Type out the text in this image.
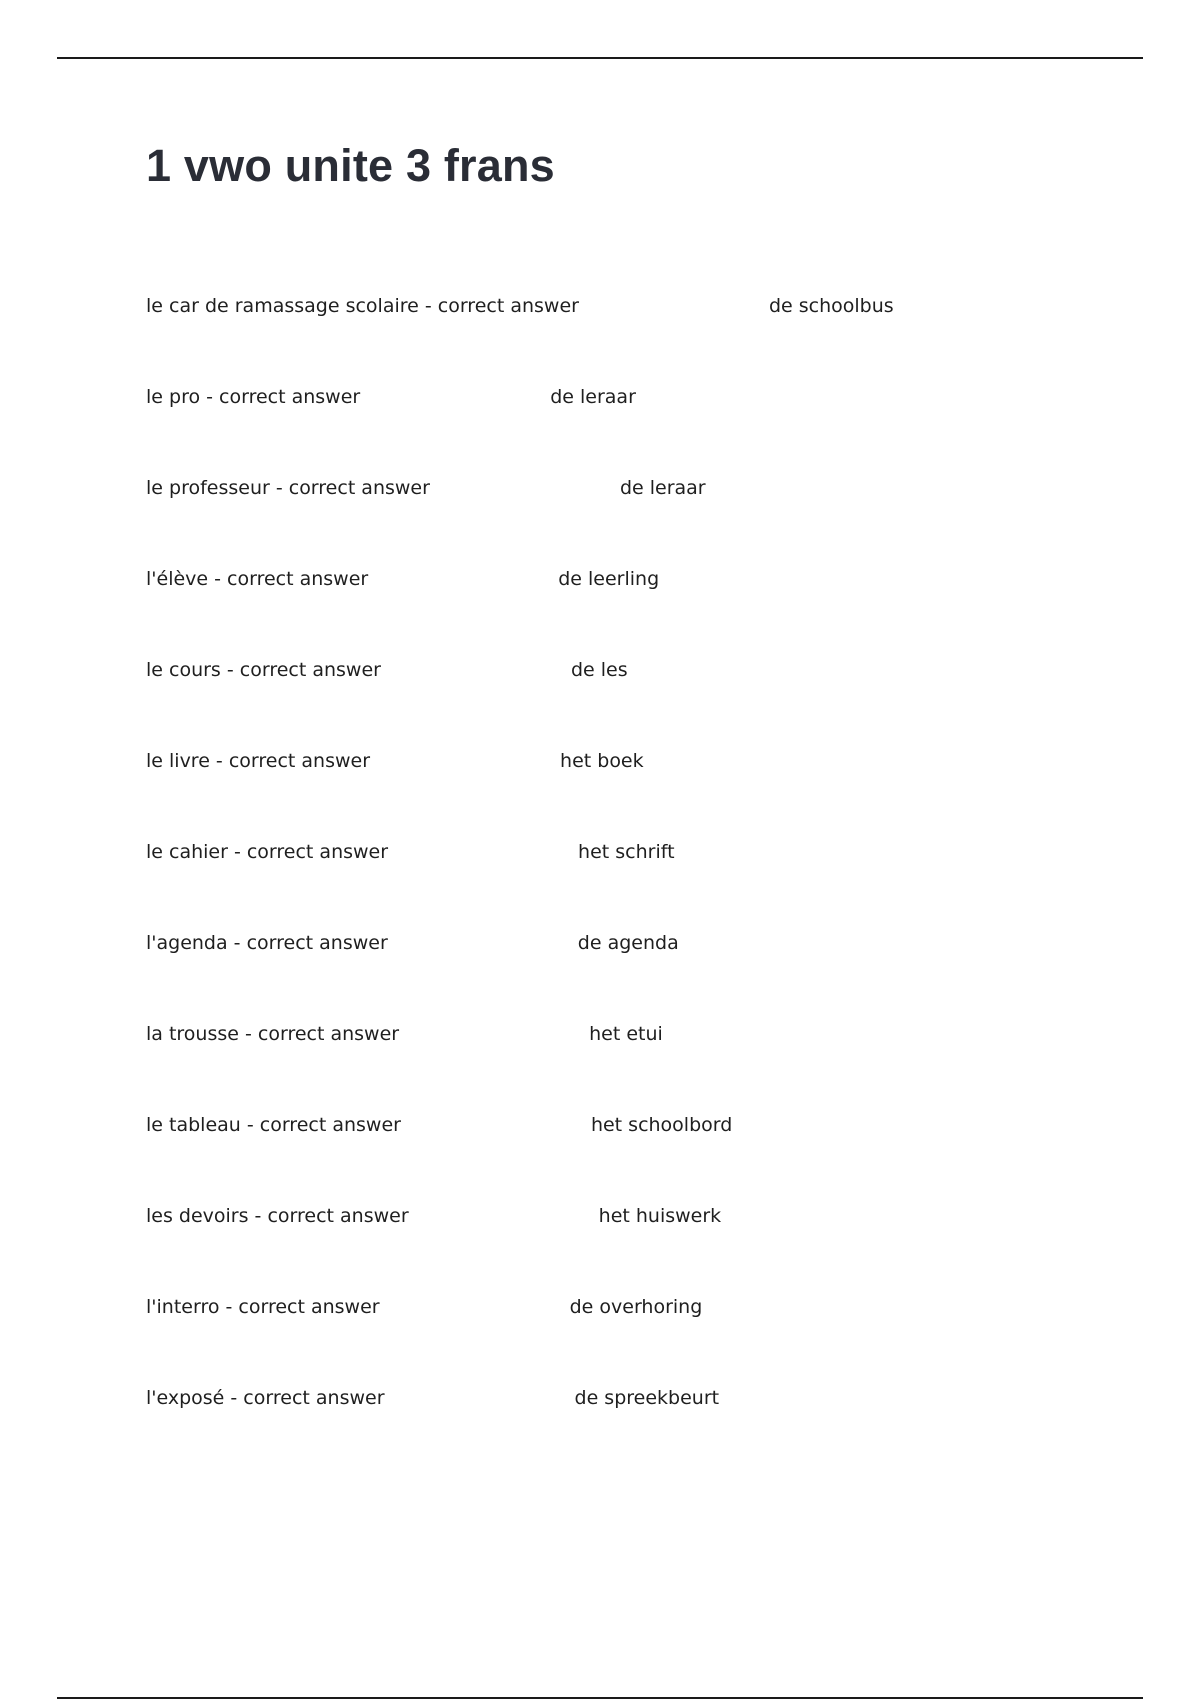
1 vwo unite 3 frans
le car de ramassage scolaire - correct answer	de schoolbus
le pro - correct answer	de leraar
le professeur - correct answer	de leraar
l'élève - correct answer	de leerling
le cours - correct answer	de les
le livre - correct answer	het boek
le cahier - correct answer	het schrift
l'agenda - correct answer	de agenda
la trousse - correct answer	het etui
le tableau - correct answer	het schoolbord
les devoirs - correct answer	het huiswerk
l'interro - correct answer	de overhoring
l'exposé - correct answer	de spreekbeurt
